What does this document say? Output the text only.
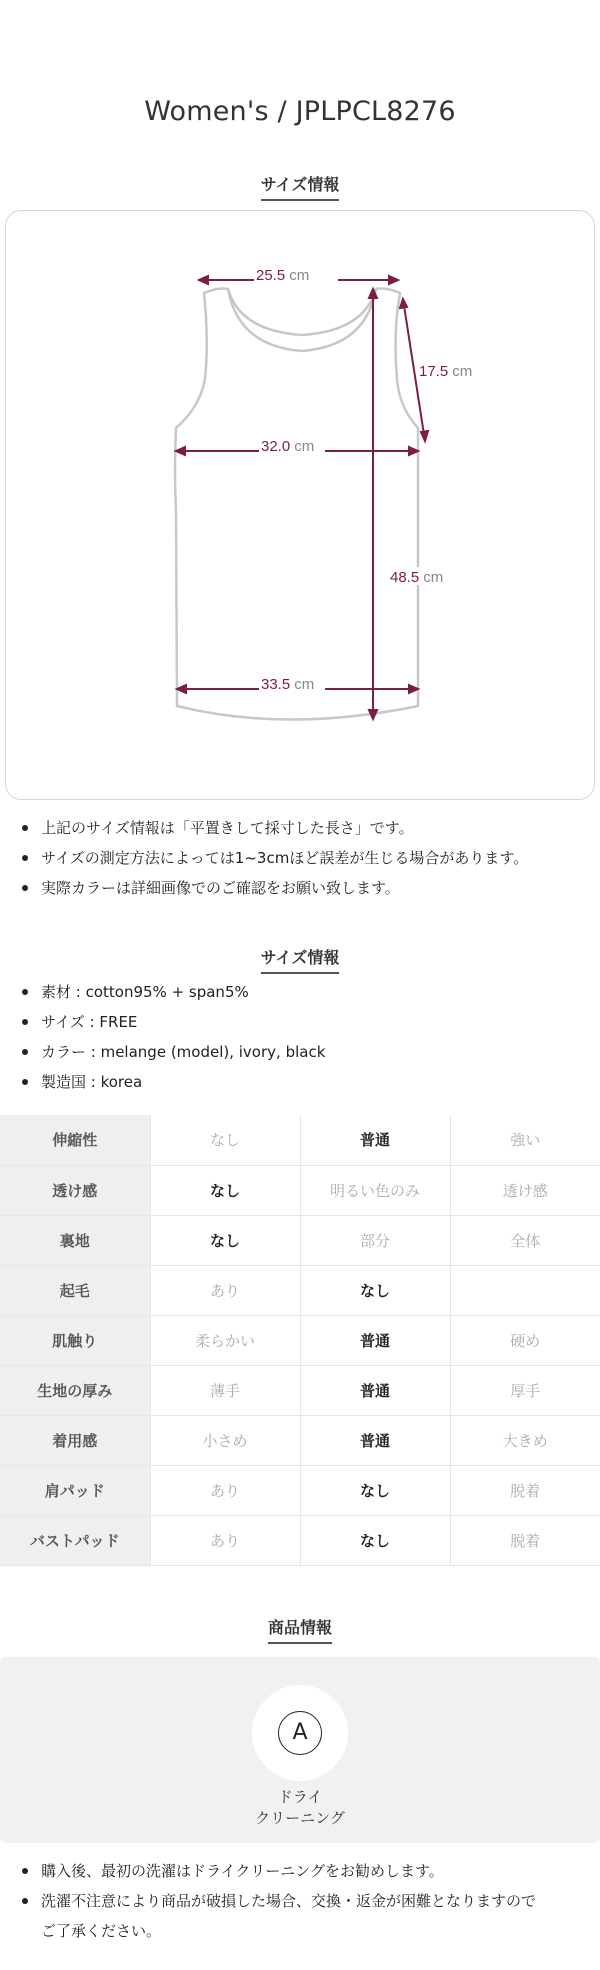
Women's / JPLPCL8276
サイズ情報
25.5 cm
17.5 cm
32.0 cm
48.5 cm
33.5 cm
上記のサイズ情報は「平置きして採寸した長さ」です。
サイズの測定方法によっては1~3cmほど誤差が生じる場合があります。
実際カラーは詳細画像でのご確認をお願い致します。
サイズ情報
素材 : cotton95% + span5%
サイズ : FREE
カラー : melange (model), ivory, black
製造国 : korea
伸縮性	なし	普通	強い
透け感	なし	明るい色のみ	透け感
裏地	なし	部分	全体
起毛	あり	なし	
肌触り	柔らかい	普通	硬め
生地の厚み	薄手	普通	厚手
着用感	小さめ	普通	大きめ
肩パッド	あり	なし	脱着
バストパッド	あり	なし	脱着
商品情報
A
ドライ
クリーニング
購入後、最初の洗濯はドライクリーニングをお勧めします。
洗濯不注意により商品が破損した場合、交換・返金が困難となりますので
ご了承ください。
